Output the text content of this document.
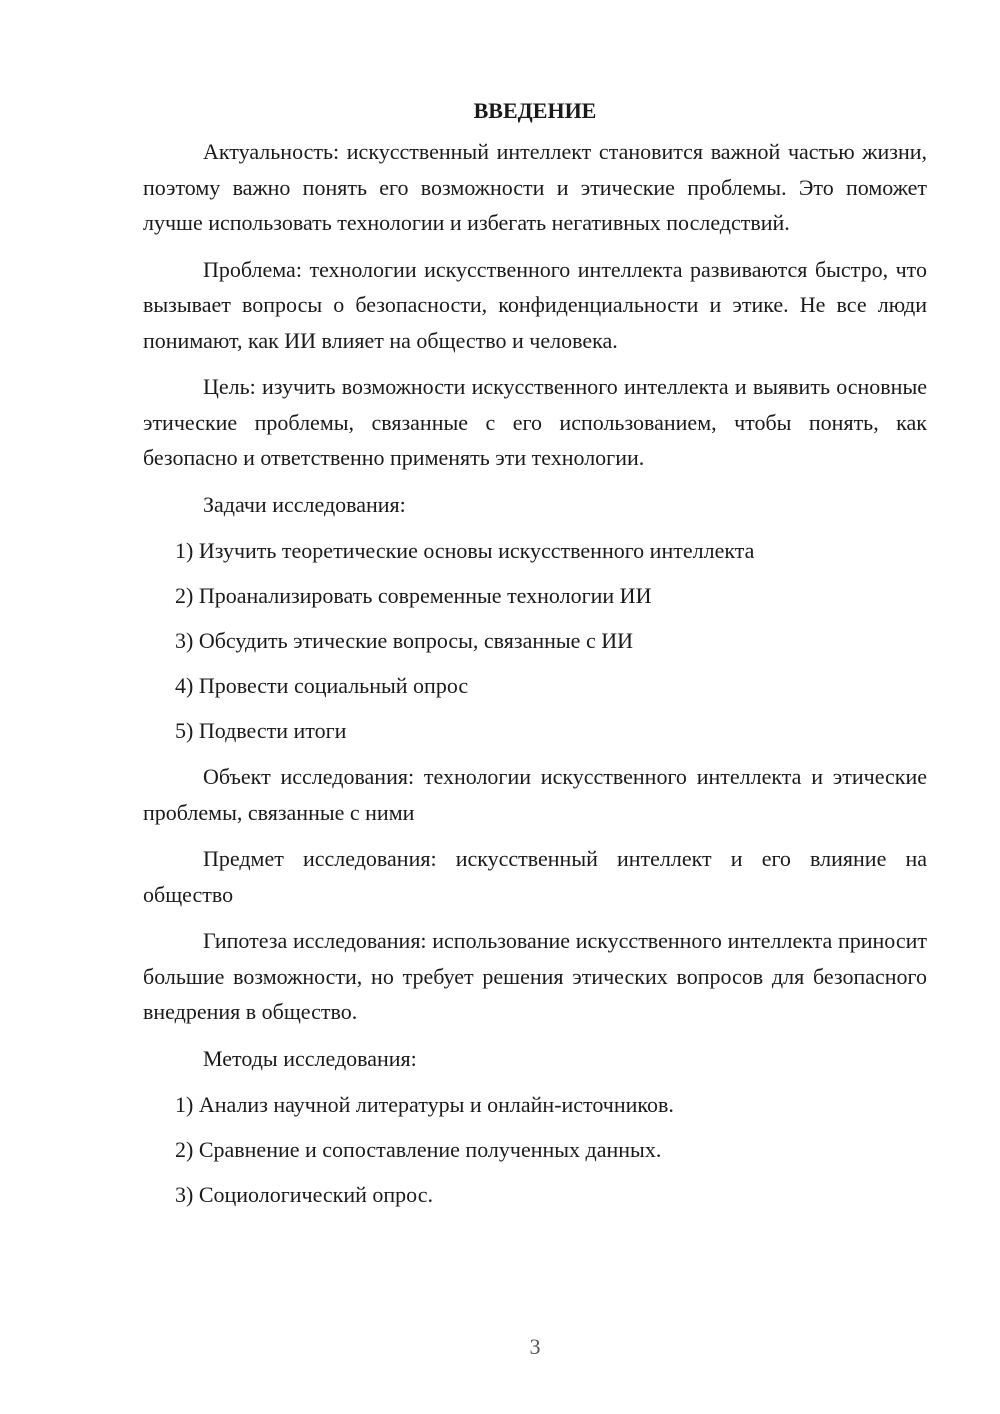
ВВЕДЕНИЕ

Актуальность: искусственный интеллект становится важной частью жизни, поэтому важно понять его возможности и этические проблемы. Это поможет лучше использовать технологии и избегать негативных последствий.

Проблема: технологии искусственного интеллекта развиваются быстро, что вызывает вопросы о безопасности, конфиденциальности и этике. Не все люди понимают, как ИИ влияет на общество и человека.

Цель: изучить возможности искусственного интеллекта и выявить основные этические проблемы, связанные с его использованием, чтобы понять, как безопасно и ответственно применять эти технологии.

Задачи исследования:

1) Изучить теоретические основы искусственного интеллекта
2) Проанализировать современные технологии ИИ
3) Обсудить этические вопросы, связанные с ИИ
4) Провести социальный опрос
5) Подвести итоги

Объект исследования: технологии искусственного интеллекта и этические проблемы, связанные с ними

Предмет исследования: искусственный интеллект и его влияние на общество

Гипотеза исследования: использование искусственного интеллекта приносит большие возможности, но требует решения этических вопросов для безопасного внедрения в общество.

Методы исследования:

1) Анализ научной литературы и онлайн-источников.
2) Сравнение и сопоставление полученных данных.
3) Социологический опрос.
3
